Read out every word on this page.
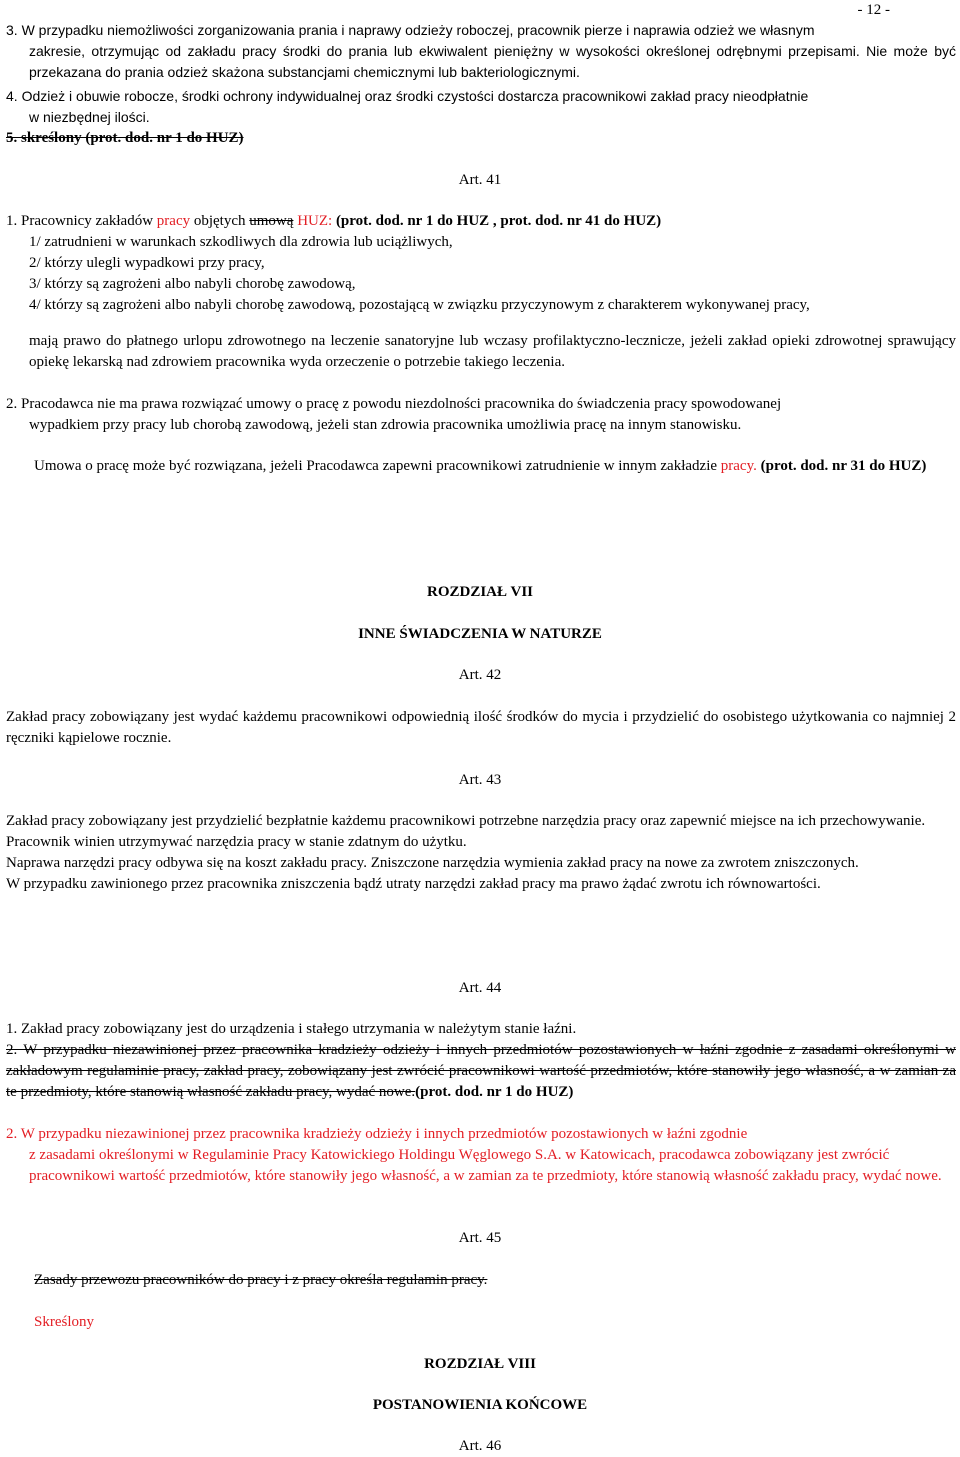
- 12 -
3. W przypadku niemożliwości zorganizowania prania i naprawy odzieży roboczej, pracownik pierze i naprawia odzież we własnym
zakresie, otrzymując od zakładu pracy środki do prania lub ekwiwalent pieniężny w wysokości określonej odrębnymi przepisami. Nie może być przekazana do prania odzież skażona substancjami chemicznymi lub bakteriologicznymi.
4. Odzież i obuwie robocze, środki ochrony indywidualnej oraz środki czystości dostarcza pracownikowi zakład pracy nieodpłatnie
w niezbędnej ilości.
5. skreślony (prot. dod. nr 1 do HUZ)
Art. 41
1. Pracownicy zakładów pracy objętych umową HUZ: (prot. dod. nr 1 do HUZ , prot. dod. nr 41 do HUZ)
1/ zatrudnieni w warunkach szkodliwych dla zdrowia lub uciążliwych,
2/ którzy ulegli wypadkowi przy pracy,
3/ którzy są zagrożeni albo nabyli chorobę zawodową,
4/ którzy są zagrożeni albo nabyli chorobę zawodową, pozostającą w związku przyczynowym z charakterem wykonywanej pracy,
mają prawo do płatnego urlopu zdrowotnego na leczenie sanatoryjne lub wczasy profilaktyczno-lecznicze, jeżeli zakład opieki zdrowotnej sprawujący opiekę lekarską nad zdrowiem pracownika wyda orzeczenie o potrzebie takiego leczenia.
2. Pracodawca nie ma prawa rozwiązać umowy o pracę z powodu niezdolności pracownika do świadczenia pracy spowodowanej
wypadkiem przy pracy lub chorobą zawodową, jeżeli stan zdrowia pracownika umożliwia pracę na innym stanowisku.
Umowa o pracę może być rozwiązana, jeżeli Pracodawca zapewni pracownikowi zatrudnienie w innym zakładzie pracy. (prot. dod. nr 31 do HUZ)
ROZDZIAŁ VII
INNE ŚWIADCZENIA W NATURZE
Art. 42
Zakład pracy zobowiązany jest wydać każdemu pracownikowi odpowiednią ilość środków do mycia i przydzielić do osobistego użytkowania co najmniej 2 ręczniki kąpielowe rocznie.
Art. 43

Zakład pracy zobowiązany jest przydzielić bezpłatnie każdemu pracownikowi potrzebne narzędzia pracy oraz zapewnić miejsce na ich przechowywanie.

Pracownik winien utrzymywać narzędzia pracy w stanie zdatnym do użytku.

Naprawa narzędzi pracy odbywa się na koszt zakładu pracy. Zniszczone narzędzia wymienia zakład pracy na nowe za zwrotem zniszczonych.

W przypadku zawinionego przez pracownika zniszczenia bądź utraty narzędzi zakład pracy ma prawo żądać zwrotu ich równowartości.

Art. 44
1. Zakład pracy zobowiązany jest do urządzenia i stałego utrzymania w należytym stanie łaźni.
2. W przypadku niezawinionej przez pracownika kradzieży odzieży i innych przedmiotów pozostawionych w łaźni zgodnie z zasadami określonymi w zakładowym regulaminie pracy, zakład pracy, zobowiązany jest zwrócić pracownikowi wartość przedmiotów, które stanowiły jego własność, a w zamian za te przedmioty, które stanowią własność zakładu pracy, wydać nowe.(prot. dod. nr 1 do HUZ)
2. W przypadku niezawinionej przez pracownika kradzieży odzieży i innych przedmiotów pozostawionych w łaźni zgodnie
z zasadami określonymi w Regulaminie Pracy Katowickiego Holdingu Węglowego S.A. w Katowicach, pracodawca zobowiązany jest zwrócić pracownikowi wartość przedmiotów, które stanowiły jego własność, a w zamian za te przedmioty, które stanowią własność zakładu pracy, wydać nowe.
Art. 45
Zasady przewozu pracowników do pracy i z pracy określa regulamin pracy.
Skreślony
ROZDZIAŁ VIII
POSTANOWIENIA KOŃCOWE
Art. 46
